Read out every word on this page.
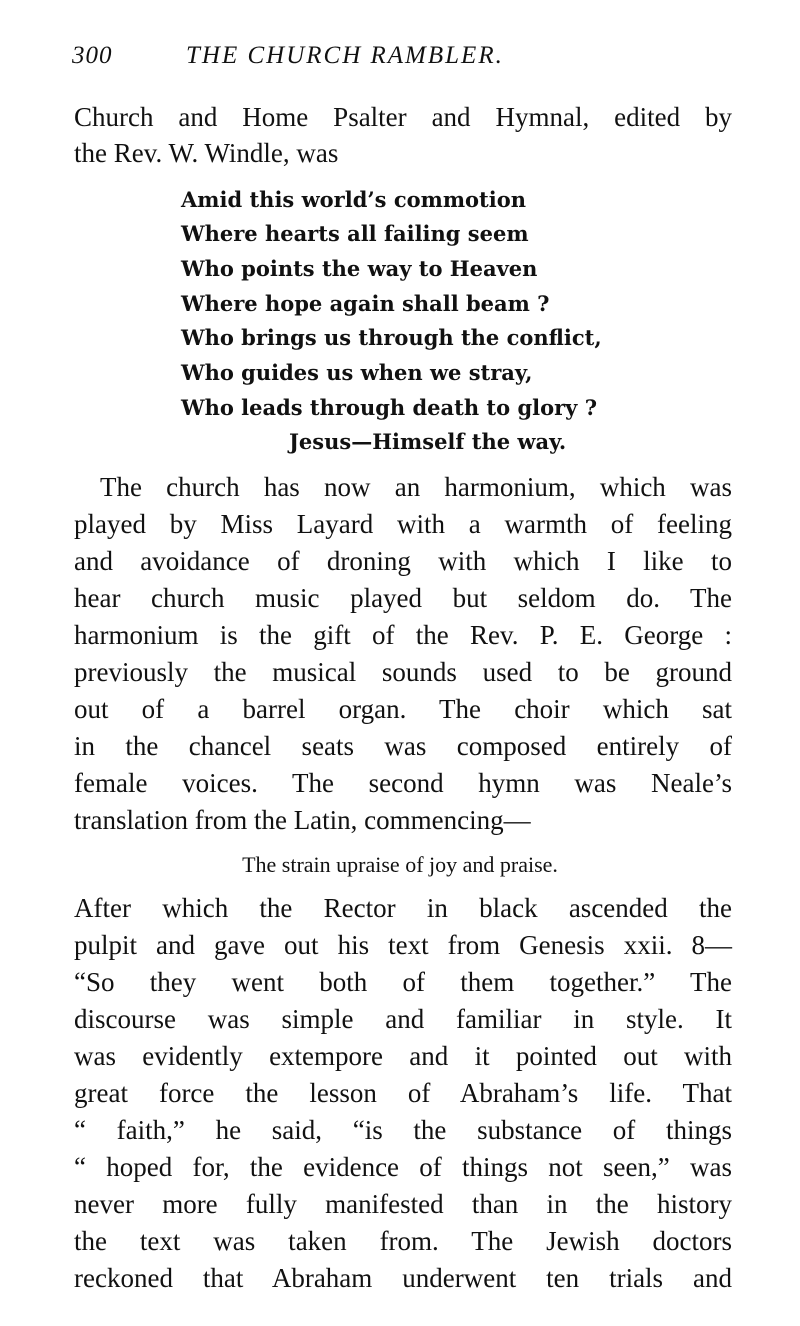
300	THE CHURCH RAMBLER.
Church and Home Psalter and Hymnal, edited by
the Rev. W. Windle, was
Amid this world’s commotion
Where hearts all failing seem
Who points the way to Heaven
Where hope again shall beam ?
Who brings us through the conflict,
Who guides us when we stray,
Who leads through death to glory ?
Jesus—Himself the way.
The church has now an harmonium, which was
played by Miss Layard with a warmth of feeling
and avoidance of droning with which I like to
hear church music played but seldom do. The
harmonium is the gift of the Rev. P. E. George :
previously the musical sounds used to be ground
out of a barrel organ. The choir which sat
in the chancel seats was composed entirely of
female voices. The second hymn was Neale’s
translation from the Latin, commencing—
The strain upraise of joy and praise.
After which the Rector in black ascended the
pulpit and gave out his text from Genesis xxii. 8—
“So they went both of them together.” The
discourse was simple and familiar in style. It
was evidently extempore and it pointed out with
great force the lesson of Abraham’s life. That
“ faith,” he said, “is the substance of things
“ hoped for, the evidence of things not seen,” was
never more fully manifested than in the history
the text was taken from. The Jewish doctors
reckoned that Abraham underwent ten trials and
